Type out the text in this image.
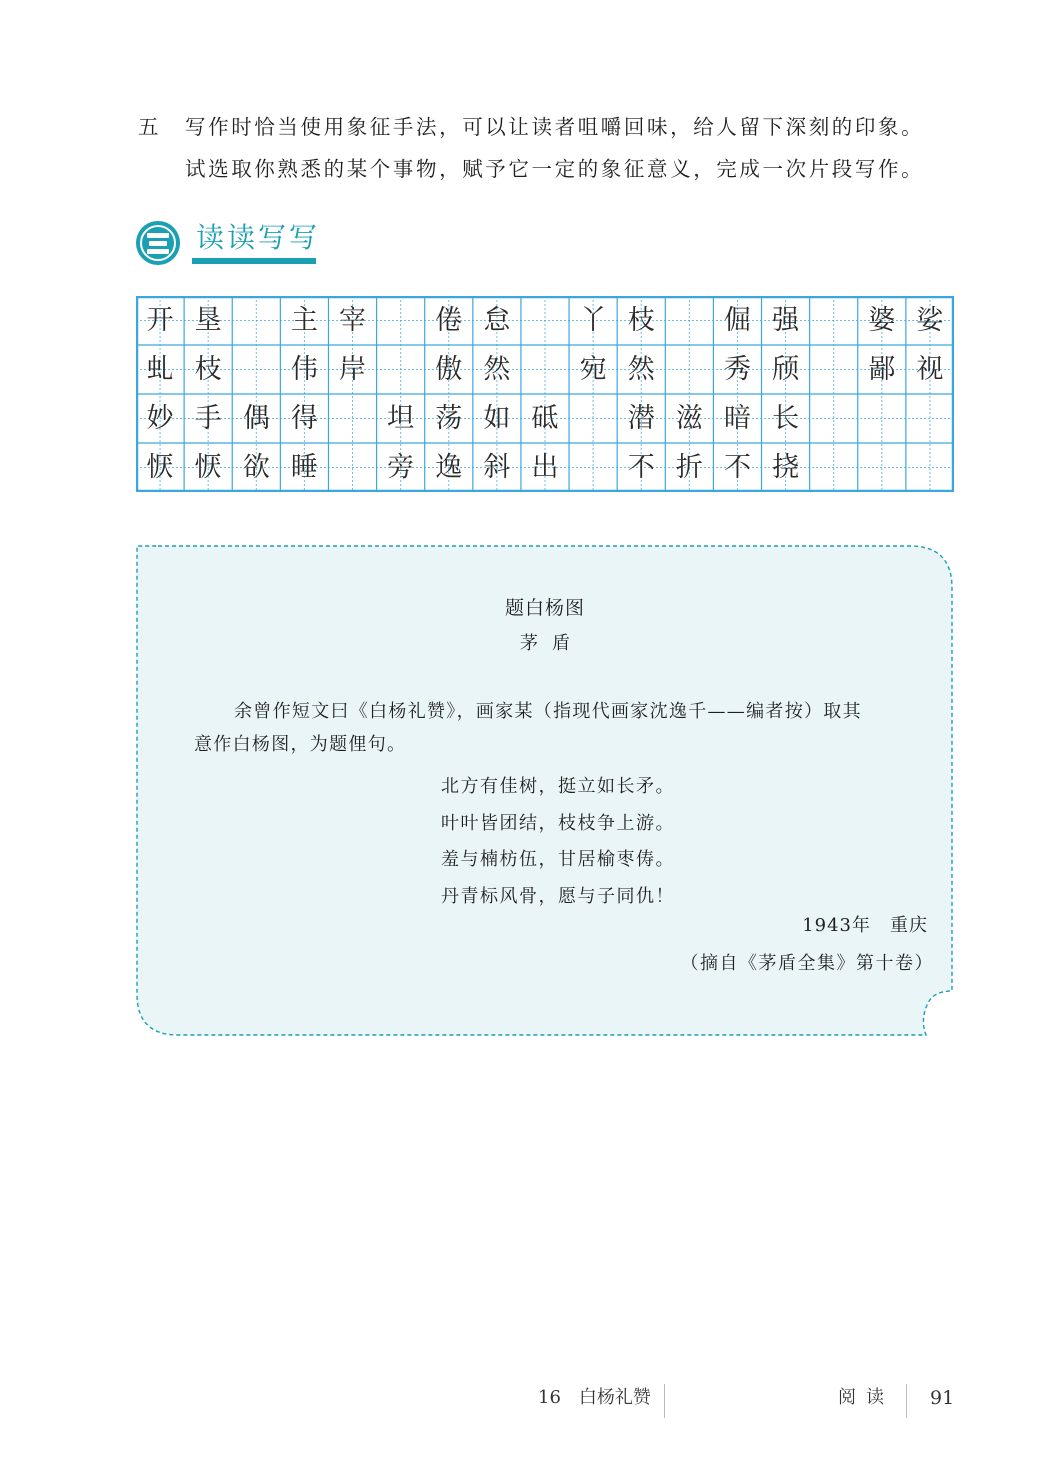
五 写作时恰当使用象征手法，可以让读者咀嚼回味，给人留下深刻的印象。
试选取你熟悉的某个事物，赋予它一定的象征意义，完成一次片段写作。
读读写写
开 垦	主 宰	倦 怠	丫 枝	倔 强	婆 娑
虬 枝	伟 岸	傲 然	宛 然	秀 颀	鄙 视
妙 手 偶 得	坦 荡 如 砥	潜 滋 暗 长
恹 恹 欲 睡	旁 逸 斜 出	不 折 不 挠
题白杨图
茅盾
余曾作短文曰《白杨礼赞》，画家某（指现代画家沈逸千——编者按）取其
意作白杨图，为题俚句。
北方有佳树，挺立如长矛。
叶叶皆团结，枝枝争上游。
羞与楠枋伍，甘居榆枣俦。
丹青标风骨，愿与子同仇！
1943年　重庆
（摘自《茅盾全集》第十卷）
16　白杨礼赞	阅读 91
